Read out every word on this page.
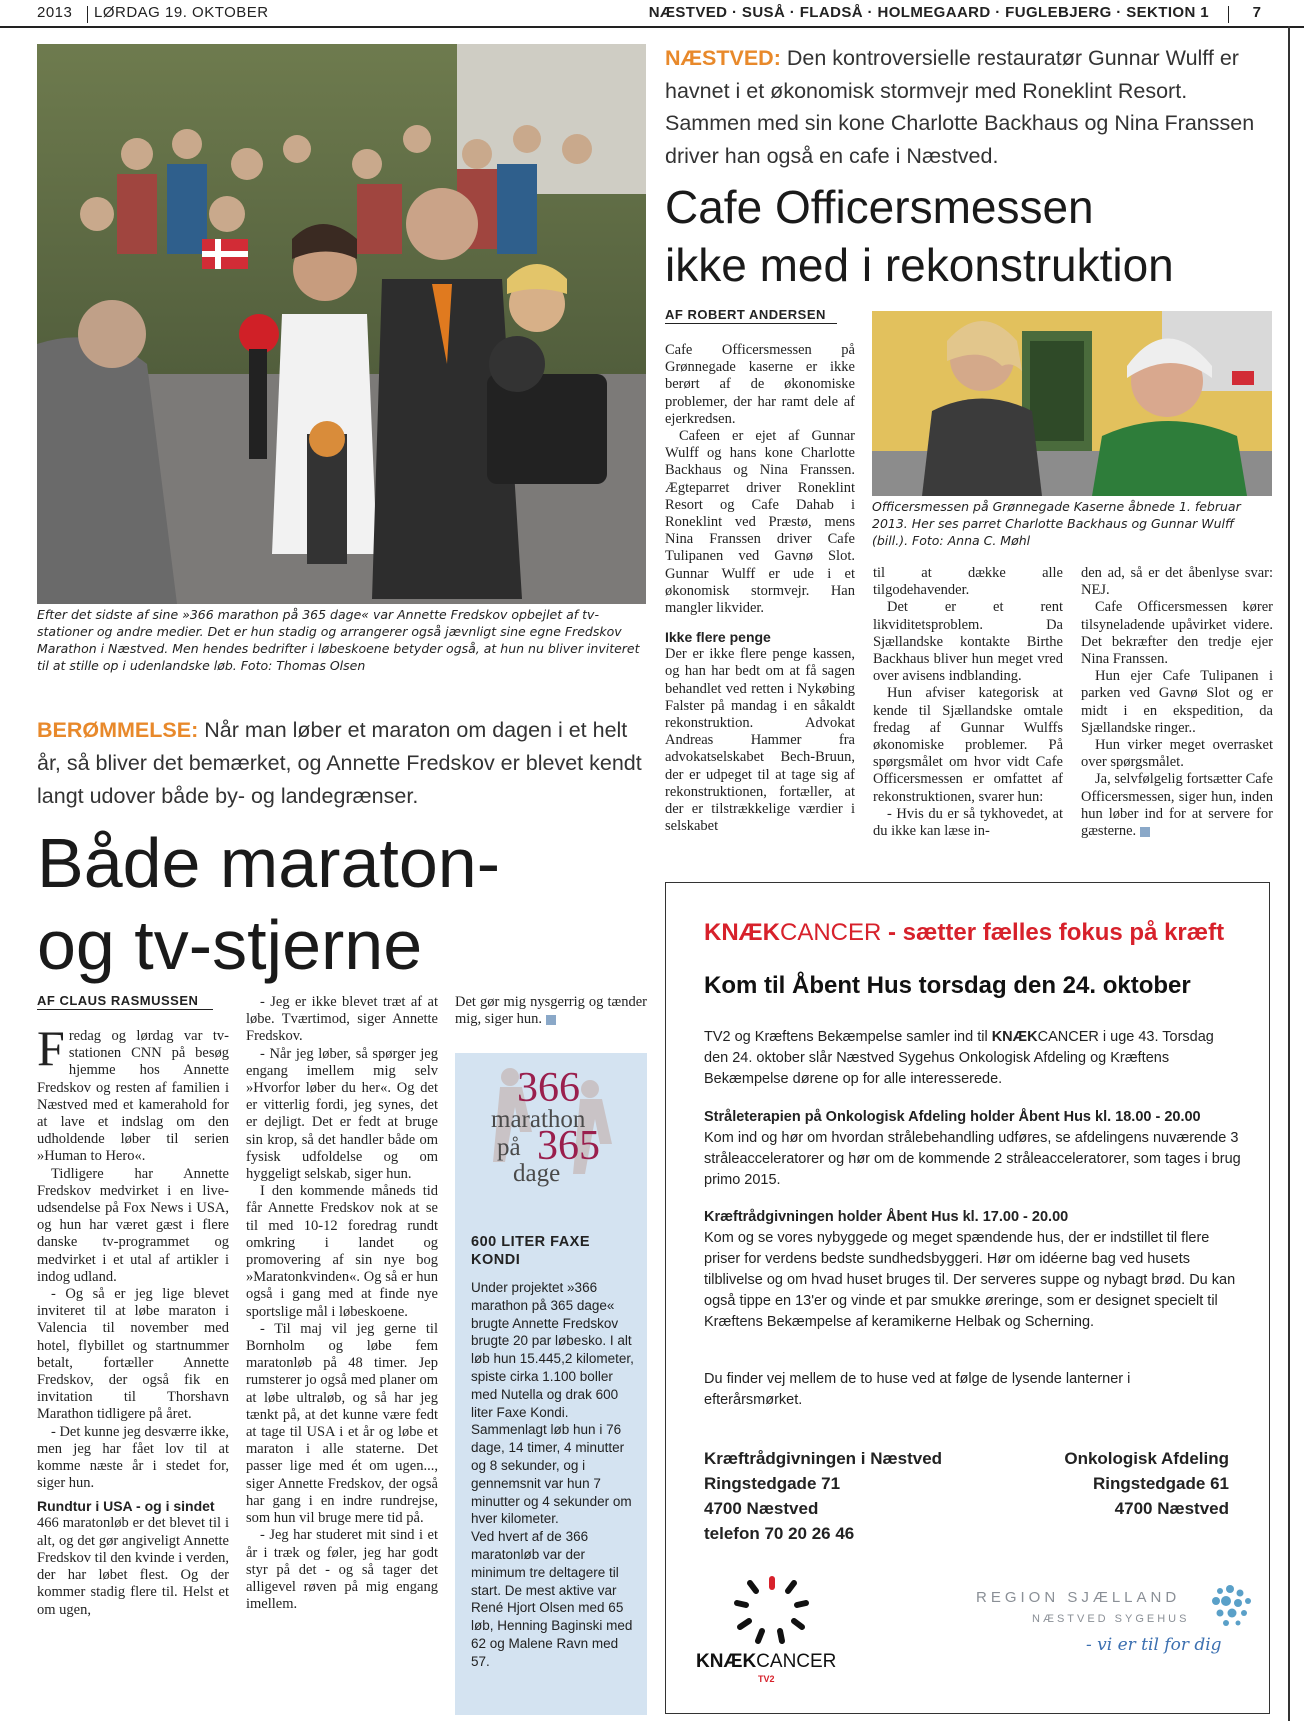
2013 LØRDAG 19. OKTOBER	NÆSTVED · SUSÅ · FLADSÅ · HOLMEGAARD · FUGLEBJERG · SEKTION 1	7
Efter det sidste af sine »366 marathon på 365 dage« var Annette Fredskov opbejlet af tv-stationer og andre medier. Det er hun stadig og arrangerer også jævnligt sine egne Fredskov Marathon i Næstved. Men hendes bedrifter i løbeskoene betyder også, at hun nu bliver inviteret til at stille op i udenlandske løb. Foto: Thomas Olsen
BERØMMELSE: Når man løber et maraton om dagen i et helt år, så bliver det bemærket, og Annette Fredskov er blevet kendt langt udover både by- og landegrænser.
Både maraton-
og tv-stjerne
AF CLAUS RASMUSSEN

Fredag og lørdag var tv-stationen CNN på besøg hjemme hos Annette Fredskov og resten af familien i Næstved med et kamerahold for at lave et indslag om den udholdende løber til serien »Human to Hero«.

Tidligere har Annette Fredskov medvirket i en live-udsendelse på Fox News i USA, og hun har været gæst i flere danske tv-programmet og medvirket i et utal af artikler i indog udland.

- Og så er jeg lige blevet inviteret til at løbe maraton i Valencia til november med hotel, flybillet og startnummer betalt, fortæller Annette Fredskov, der også fik en invitation til Thorshavn Marathon tidligere på året.

- Det kunne jeg desværre ikke, men jeg har fået lov til at komme næste år i stedet for, siger hun.

Rundtur i USA - og i sindet

466 maratonløb er det blevet til i alt, og det gør angiveligt Annette Fredskov til den kvinde i verden, der har løbet flest. Og der kommer stadig flere til. Helst et om ugen,

- Jeg er ikke blevet træt af at løbe. Tværtimod, siger Annette Fredskov.

- Når jeg løber, så spørger jeg engang imellem mig selv »Hvorfor løber du her«. Og det er vitterlig fordi, jeg synes, det er dejligt. Det er fedt at bruge sin krop, så det handler både om fysisk udfoldelse og om hyggeligt selskab, siger hun.

I den kommende måneds tid får Annette Fredskov nok at se til med 10-12 foredrag rundt omkring i landet og promovering af sin nye bog »Maratonkvinden«. Og så er hun også i gang med at finde nye sportslige mål i løbeskoene.

- Til maj vil jeg gerne til Bornholm og løbe fem maratonløb på 48 timer. Jep rumsterer jo også med planer om at løbe ultraløb, og så har jeg tænkt på, at det kunne være fedt at tage til USA i et år og løbe et maraton i alle staterne. Det passer lige med ét om ugen..., siger Annette Fredskov, der også har gang i en indre rundrejse, som hun vil bruge mere tid på.

- Jeg har studeret mit sind i et år i træk og føler, jeg har godt styr på det - og så tager det alligevel røven på mig engang imellem.

Det gør mig nysgerrig og tænder mig, siger hun.

366
marathon
på 365
dage
600 LITER FAXE KONDI
Under projektet »366 marathon på 365 dage« brugte Annette Fredskov brugte 20 par løbesko. I alt løb hun 15.445,2 kilometer, spiste cirka 1.100 boller med Nutella og drak 600 liter Faxe Kondi.
Sammenlagt løb hun i 76 dage, 14 timer, 4 minutter og 8 sekunder, og i gennemsnit var hun 7 minutter og 4 sekunder om hver kilometer.
Ved hvert af de 366 maratonløb var der minimum tre deltagere til start. De mest aktive var René Hjort Olsen med 65 løb, Henning Baginski med 62 og Malene Ravn med 57.
NÆSTVED: Den kontroversielle restauratør Gunnar Wulff er havnet i et økonomisk stormvejr med Roneklint Resort. Sammen med sin kone Charlotte Backhaus og Nina Franssen driver han også en cafe i Næstved.
Cafe Officersmessen
ikke med i rekonstruktion
AF ROBERT ANDERSEN
Officersmessen på Grønnegade Kaserne åbnede 1. februar 2013. Her ses parret Charlotte Backhaus og Gunnar Wulff (bill.). Foto: Anna C. Møhl

Cafe Officersmessen på Grønnegade kaserne er ikke berørt af de økonomiske problemer, der har ramt dele af ejerkredsen.

Cafeen er ejet af Gunnar Wulff og hans kone Charlotte Backhaus og Nina Franssen. Ægteparret driver Roneklint Resort og Cafe Dahab i Roneklint ved Præstø, mens Nina Franssen driver Cafe Tulipanen ved Gavnø Slot. Gunnar Wulff er ude i et økonomisk stormvejr. Han mangler likvider.

Ikke flere penge

Der er ikke flere penge kassen, og han har bedt om at få sagen behandlet ved retten i Nykøbing Falster på mandag i en såkaldt rekonstruktion. Advokat Andreas Hammer fra advokatselskabet Bech-Bruun, der er udpeget til at tage sig af rekonstruktionen, fortæller, at der er tilstrækkelige værdier i selskabet

til at dække alle tilgodehavender.

Det er et rent likviditetsproblem. Da Sjællandske kontakte Birthe Backhaus bliver hun meget vred over avisens indblanding.

Hun afviser kategorisk at kende til Sjællandske omtale fredag af Gunnar Wulffs økonomiske problemer. På spørgsmålet om hvor vidt Cafe Officersmessen er omfattet af rekonstruktionen, svarer hun:

- Hvis du er så tykhovedet, at du ikke kan læse in-

den ad, så er det åbenlyse svar: NEJ.

Cafe Officersmessen kører tilsyneladende upåvirket videre. Det bekræfter den tredje ejer Nina Franssen.

Hun ejer Cafe Tulipanen i parken ved Gavnø Slot og er midt i en ekspedition, da Sjællandske ringer..

Hun virker meget overrasket over spørgsmålet.

Ja, selvfølgelig fortsætter Cafe Officersmessen, siger hun, inden hun løber ind for at servere for gæsterne.

KNÆKCANCER - sætter fælles fokus på kræft
Kom til Åbent Hus torsdag den 24. oktober
TV2 og Kræftens Bekæmpelse samler ind til KNÆKCANCER i uge 43. Torsdag den 24. oktober slår Næstved Sygehus Onkologisk Afdeling og Kræftens Bekæmpelse dørene op for alle interesserede.

Stråleterapien på Onkologisk Afdeling holder Åbent Hus kl. 18.00 - 20.00

Kom ind og hør om hvordan strålebehandling udføres, se afdelingens nuværende 3 stråleacceleratorer og hør om de kommende 2 stråleacceleratorer, som tages i brug primo 2015.

Kræftrådgivningen holder Åbent Hus kl. 17.00 - 20.00

Kom og se vores nybyggede og meget spændende hus, der er indstillet til flere priser for verdens bedste sundhedsbyggeri. Hør om idéerne bag ved husets tilblivelse og om hvad huset bruges til. Der serveres suppe og nybagt brød. Du kan også tippe en 13'er og vinde et par smukke øreringe, som er designet specielt til Kræftens Bekæmpelse af keramikerne Helbak og Scherning.

Du finder vej mellem de to huse ved at følge de lysende lanterner i efterårsmørket.
Kræftrådgivningen i Næstved
Ringstedgade 71
4700 Næstved
telefon 70 20 26 46
Onkologisk Afdeling
Ringstedgade 61
4700 Næstved
KNÆKCANCER
TV2
REGION SJÆLLAND
NÆSTVED SYGEHUS
- vi er til for dig
